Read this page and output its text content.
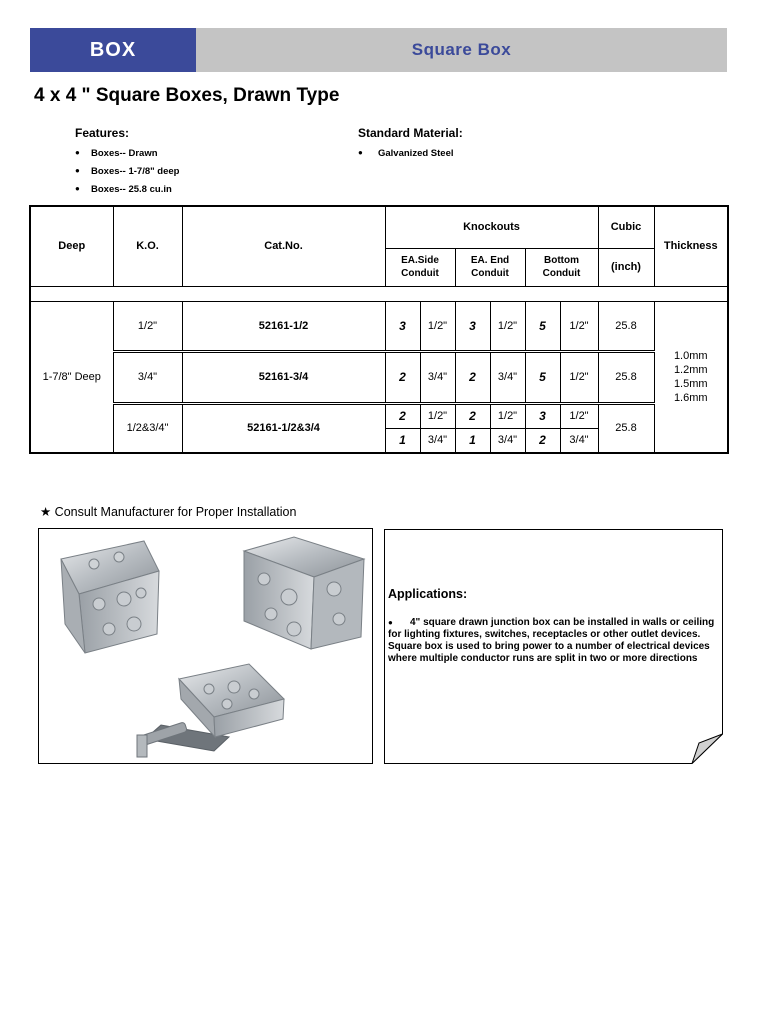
BOX	Square Box
4 x 4 " Square Boxes, Drawn Type
Features:
●	Boxes-- Drawn
●	Boxes-- 1-7/8" deep
●	Boxes-- 25.8 cu.in
Standard Material:
●	Galvanized Steel
Deep	K.O.	Cat.No.	Knockouts						Cubic	Thickness
			EA.Side Conduit		EA. End Conduit		Bottom Conduit		(inch)	

1-7/8" Deep	1/2"	52161-1/2	3	1/2"	3	1/2"	5	1/2"	25.8	1.0mm
1.2mm
1.5mm
1.6mm

	3/4"	52161-3/4	2	3/4"	2	3/4"	5	1/2"	25.8	
	1/2&3/4"	52161-1/2&3/4	2	1/2"	2	1/2"	3	1/2"	25.8	
			1	3/4"	1	3/4"	2	3/4"		
★ Consult Manufacturer for Proper Installation
Applications:
● 4" square drawn junction box can be installed in walls or ceiling for lighting fixtures, switches, receptacles or other outlet devices. Square box is used to bring power to a number of electrical devices where multiple conductor runs are split in two or more directions
